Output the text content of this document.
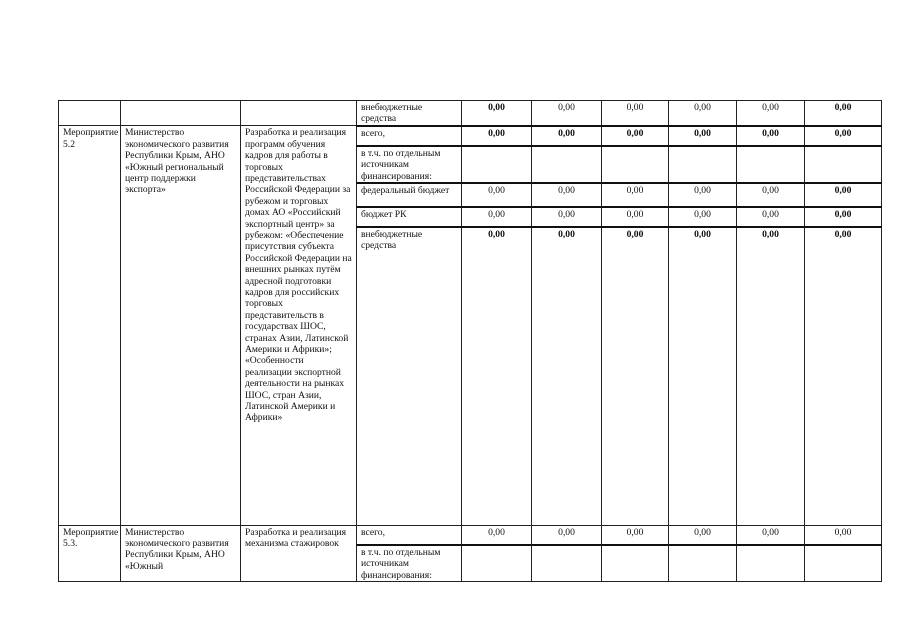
			внебюджетные средства	0,00	0,00	0,00	0,00	0,00	0,00
Мероприятие 5.2	Министерство экономического развития Республики Крым, АНО «Южный региональный центр поддержки экспорта»	Разработка и реализация программ обучения кадров для работы в торговых представительствах Российской Федерации за рубежом и торговых домах АО «Российский экспортный центр» за рубежом: «Обеспечение присутствия субъекта Российской Федерации на внешних рынках путём адресной подготовки кадров для российских торговых представительств в государствах ШОС, странах Азии, Латинской Америки и Африки»; «Особенности реализации экспортной деятельности на рынках ШОС, стран Азии, Латинской Америки и Африки»	всего,	0,00	0,00	0,00	0,00	0,00	0,00
			в т.ч. по отдельным источникам финансирования:						
			федеральный бюджет	0,00	0,00	0,00	0,00	0,00	0,00
			бюджет РК	0,00	0,00	0,00	0,00	0,00	0,00
			внебюджетные средства	0,00	0,00	0,00	0,00	0,00	0,00
Мероприятие 5.3.	Министерство экономического развития Республики Крым, АНО «Южный	Разработка и реализация механизма стажировок	всего,	0,00	0,00	0,00	0,00	0,00	0,00
			в т.ч. по отдельным источникам финансирования:						
